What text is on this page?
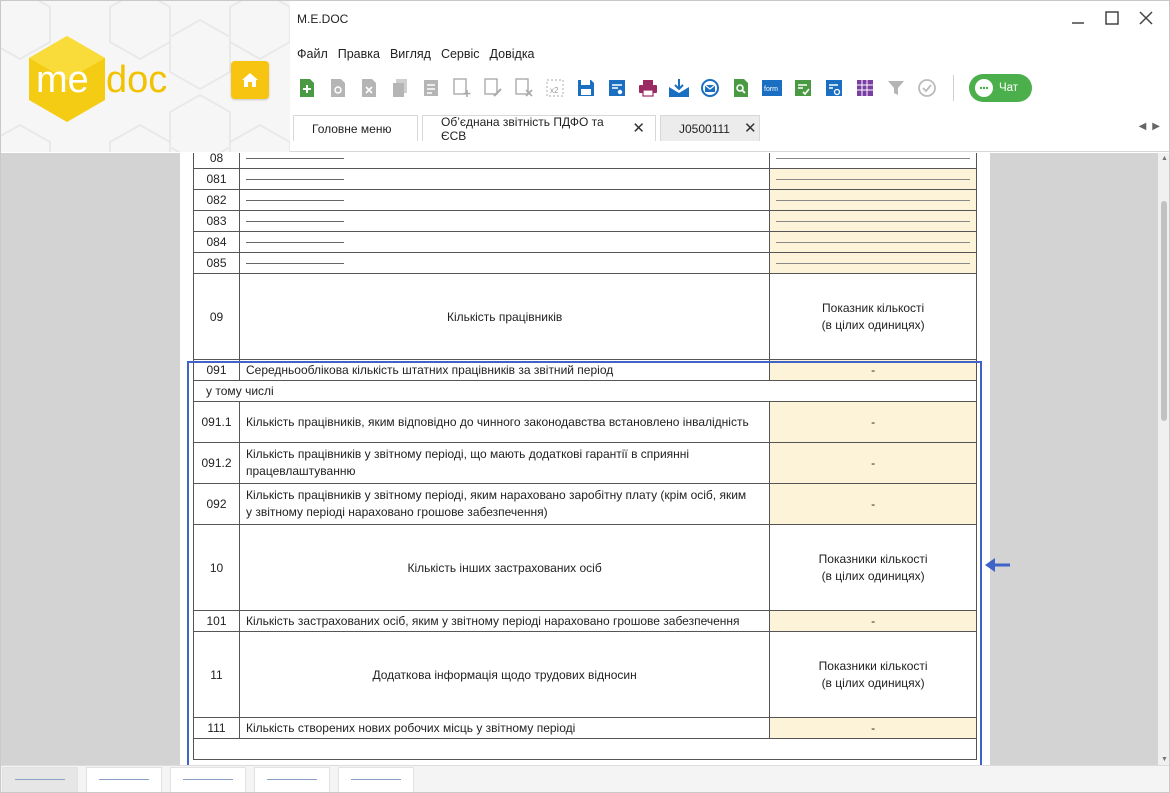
me doc
M.E.DOC
Файл Правка Вигляд Сервіс Довідка
x2	form	Чат
Головне меню	Об’єднана звітність ПДФО та ЄСВ	✕	J0500111 ✕	◀ ▶
08		

081		

082		

083		

084		

085		

09	Кількість працівників	Показник кількості
(в цілих одиницях)

091	Середньооблікова кількість штатних працівників за звітний період	-
у тому числі		
091.1	Кількість працівників, яким відповідно до чинного законодавства встановлено інвалідність	-
091.2	Кількість працівників у звітному періоді, що мають додаткові гарантії в сприянні
працевлаштуванню	-
092	Кількість працівників у звітному періоді, яким нараховано заробітну плату (крім осіб, яким
у звітному періоді нараховано грошове забезпечення)	-
10	Кількість інших застрахованих осіб	Показники кількості
(в цілих одиницях)

101	Кількість застрахованих осіб, яким у звітному періоді нараховано грошове забезпечення	-
11	Додаткова інформація щодо трудових відносин	Показники кількості
(в цілих одиницях)

111	Кількість створених нових робочих місць у звітному періоді	-

▲
▼
